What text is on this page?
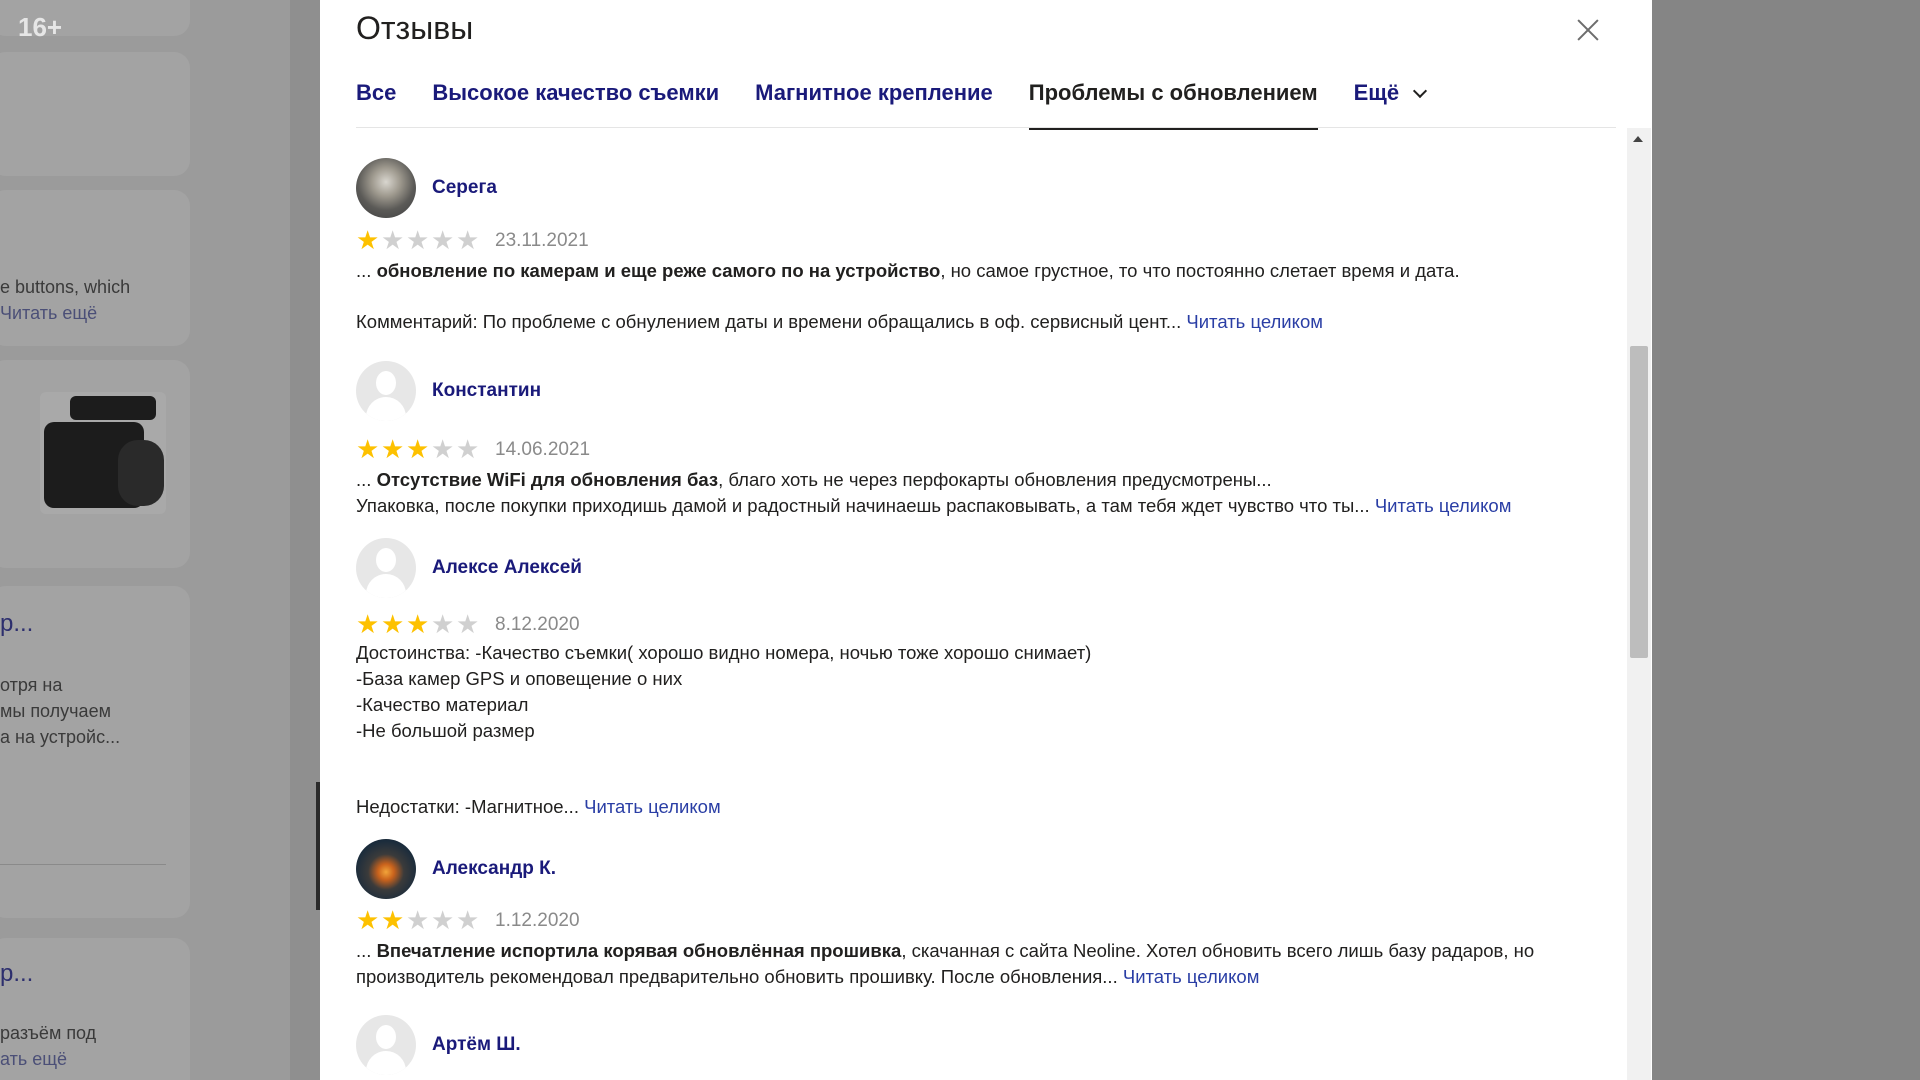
16+
e buttons, which
Читать ещё
р...
отря на
мы получаем
а на устройс...
р...
разъём под
ать ещё
Отзывы
Все Высокое качество съемки Магнитное крепление Проблемы с обновлением Ещё
Серега
★ ★ ★ ★ ★ 23.11.2021
... обновление по камерам и еще реже самого по на устройство, но самое грустное, то что постоянно слетает время и дата.
Комментарий: По проблеме с обнулением даты и времени обращались в оф. сервисный цент... Читать целиком
Константин
★ ★ ★ ★ ★ 14.06.2021
... Отсутствие WiFi для обновления баз, благо хоть не через перфокарты обновления предусмотрены...
Упаковка, после покупки приходишь дамой и радостный начинаешь распаковывать, а там тебя ждет чувство что ты... Читать целиком
Алексе Алексей
★ ★ ★ ★ ★ 8.12.2020
Достоинства: -Качество съемки( хорошо видно номера, ночью тоже хорошо снимает)
-База камер GPS и оповещение о них
-Качество материал
-Не большой размер
Недостатки: -Магнитное... Читать целиком
Александр К.
★ ★ ★ ★ ★ 1.12.2020
... Впечатление испортила корявая обновлённая прошивка, скачанная с сайта Neoline. Хотел обновить всего лишь базу радаров, но
производитель рекомендовал предварительно обновить прошивку. После обновления... Читать целиком
Артём Ш.
